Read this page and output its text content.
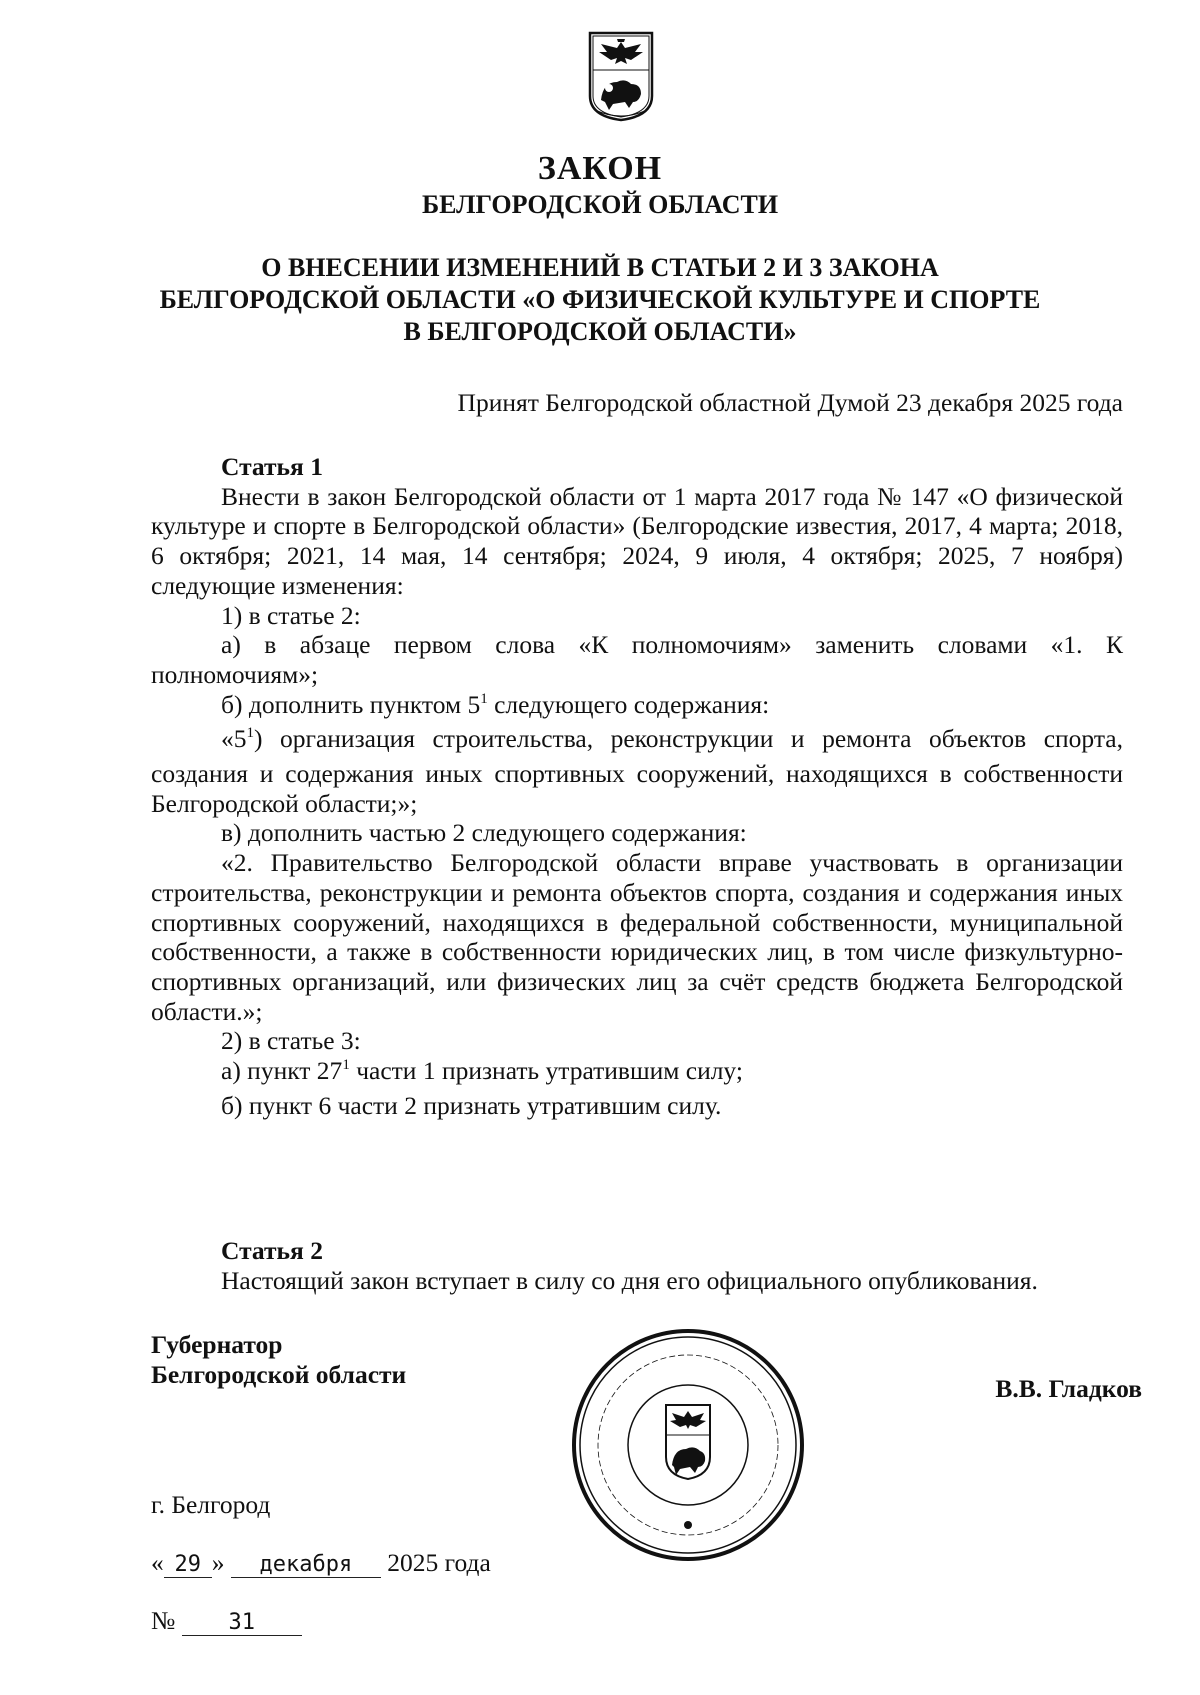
ЗАКОН
БЕЛГОРОДСКОЙ ОБЛАСТИ
О ВНЕСЕНИИ ИЗМЕНЕНИЙ В СТАТЬИ 2 И 3 ЗАКОНА
БЕЛГОРОДСКОЙ ОБЛАСТИ «О ФИЗИЧЕСКОЙ КУЛЬТУРЕ И СПОРТЕ
В БЕЛГОРОДСКОЙ ОБЛАСТИ»
Принят Белгородской областной Думой 23 декабря 2025 года

Статья 1

Внести в закон Белгородской области от 1 марта 2017 года № 147 «О физической культуре и спорте в Белгородской области» (Белгородские известия, 2017, 4 марта; 2018, 6 октября; 2021, 14 мая, 14 сентября; 2024, 9 июля, 4 октября; 2025, 7 ноября) следующие изменения:

1) в статье 2:

а) в абзаце первом слова «К полномочиям» заменить словами «1. К полномочиям»;

б) дополнить пунктом $5^1$ следующего содержания:

«$5^1$) организация строительства, реконструкции и ремонта объектов спорта, создания и содержания иных спортивных сооружений, находящихся в собственности Белгородской области;»;

в) дополнить частью 2 следующего содержания:

«2. Правительство Белгородской области вправе участвовать в организации строительства, реконструкции и ремонта объектов спорта, создания и содержания иных спортивных сооружений, находящихся в федеральной собственности, муниципальной собственности, а также в собственности юридических лиц, в том числе физкультурно-спортивных организаций, или физических лиц за счёт средств бюджета Белгородской области.»;

2) в статье 3:

а) пункт $27^1$ части 1 признать утратившим силу;

б) пункт 6 части 2 признать утратившим силу.

Статья 2

Настоящий закон вступает в силу со дня его официального опубликования.

Губернатор
Белгородской области	В.В. Гладков
г. Белгород
« 29 » декабря 2025 года
№ 31
